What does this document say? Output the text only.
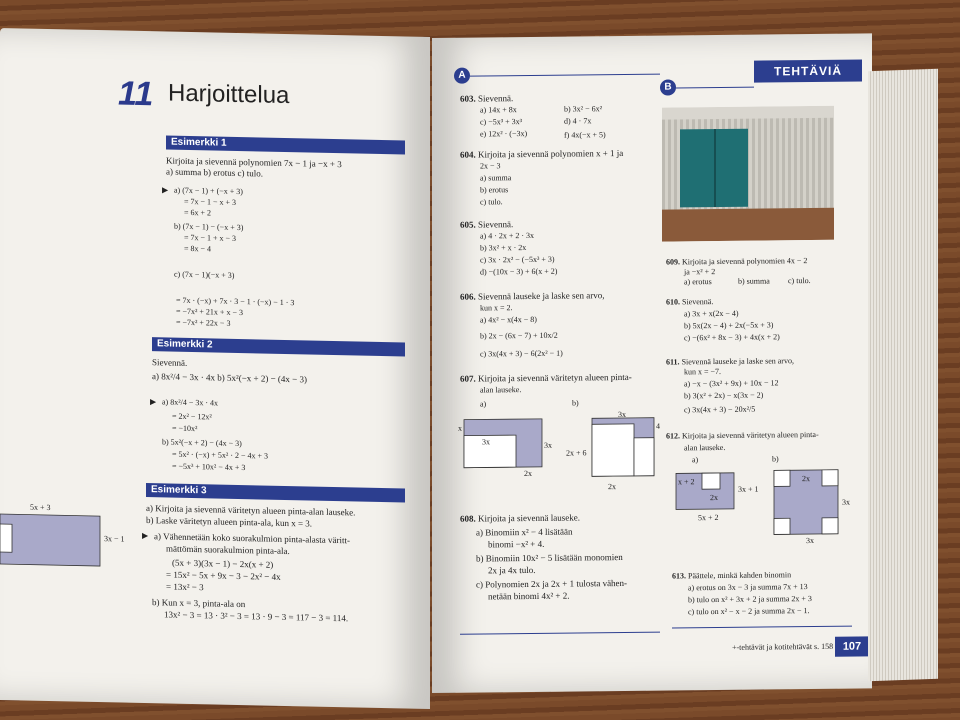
11 Harjoittelua
Esimerkki 1
Kirjoita ja sievennä polynomien 7x − 1 ja −x + 3
a) summa b) erotus c) tulo.
▶ a) (7x − 1) + (−x + 3)
= 7x − 1 − x + 3
= 6x + 2
b) (7x − 1) − (−x + 3)
= 7x − 1 + x − 3
= 8x − 4
c) (7x − 1)(−x + 3)
= 7x · (−x) + 7x · 3 − 1 · (−x) − 1 · 3
= −7x² + 21x + x − 3
= −7x² + 22x − 3
Esimerkki 2
Sievennä.
a) 8x²/4 − 3x · 4x b) 5x²(−x + 2) − (4x − 3)
▶ a) 8x²/4 − 3x · 4x
= 2x² − 12x²
= −10x²
b) 5x²(−x + 2) − (4x − 3)
= 5x² · (−x) + 5x² · 2 − 4x + 3
= −5x³ + 10x² − 4x + 3
Esimerkki 3
a) Kirjoita ja sievennä väritetyn alueen pinta-alan lauseke.
b) Laske väritetyn alueen pinta-ala, kun x = 3.
▶ a) Vähennetään koko suorakulmion pinta-alasta väritt-
mättömän suorakulmion pinta-ala.
(5x + 3)(3x − 1) − 2x(x + 2)
= 15x² − 5x + 9x − 3 − 2x² − 4x
= 13x² − 3
b) Kun x = 3, pinta-ala on
13x² − 3 = 13 · 3² − 3 = 13 · 9 − 3 = 117 − 3 = 114.
5x + 3
3x − 1
TEHTÄVIÄ
A
B
603. Sievennä.
a) 14x + 8x	b) 3x² − 6x²
c) −5x³ + 3x³	d) 4 · 7x
e) 12x² · (−3x)	f) 4x(−x + 5)
604. Kirjoita ja sievennä polynomien x + 1 ja
2x − 3
a) summa
b) erotus
c) tulo.
605. Sievennä.
a) 4 · 2x + 2 · 3x
b) 3x² + x · 2x
c) 3x · 2x² − (−5x³ + 3)
d) −(10x − 3) + 6(x + 2)
606. Sievennä lauseke ja laske sen arvo,
kun x = 2.
a) 4x² − x(4x − 8)
b) 2x − (6x − 7) + 10x/2
c) 3x(4x + 3) − 6(2x² − 1)
607. Kirjoita ja sievennä väritetyn alueen pinta-
alan lauseke.
a)	b)
x
3x	3x
2x
3x
4
2x + 6
2x
608. Kirjoita ja sievennä lauseke.
a) Binomiin x² − 4 lisätään
binomi −x² + 4.
b) Binomiin 10x² − 5 lisätään monomien
2x ja 4x tulo.
c) Polynomien 2x ja 2x + 1 tulosta vähen-
netään binomi 4x² + 2.
609. Kirjoita ja sievennä polynomien 4x − 2
ja −x² + 2
a) erotus	b) summa c) tulo.
610. Sievennä.
a) 3x + x(2x − 4)
b) 5x(2x − 4) + 2x(−5x + 3)
c) −(6x² + 8x − 3) + 4x(x + 2)
611. Sievennä lauseke ja laske sen arvo,
kun x = −7.
a) −x − (3x² + 9x) + 10x − 12
b) 3(x² + 2x) − x(3x − 2)
c) 3x(4x + 3) − 20x²/5
612. Kirjoita ja sievennä väritetyn alueen pinta-
alan lauseke.
a)	b)
x + 2
2x
3x + 1
5x + 2
2x
3x
3x
613. Päättele, minkä kahden binomin
a) erotus on 3x − 3 ja summa 7x + 13
b) tulo on x² + 3x + 2 ja summa 2x + 3
c) tulo on x² − x − 2 ja summa 2x − 1.
+-tehtävät ja kotitehtävät s. 158 107
